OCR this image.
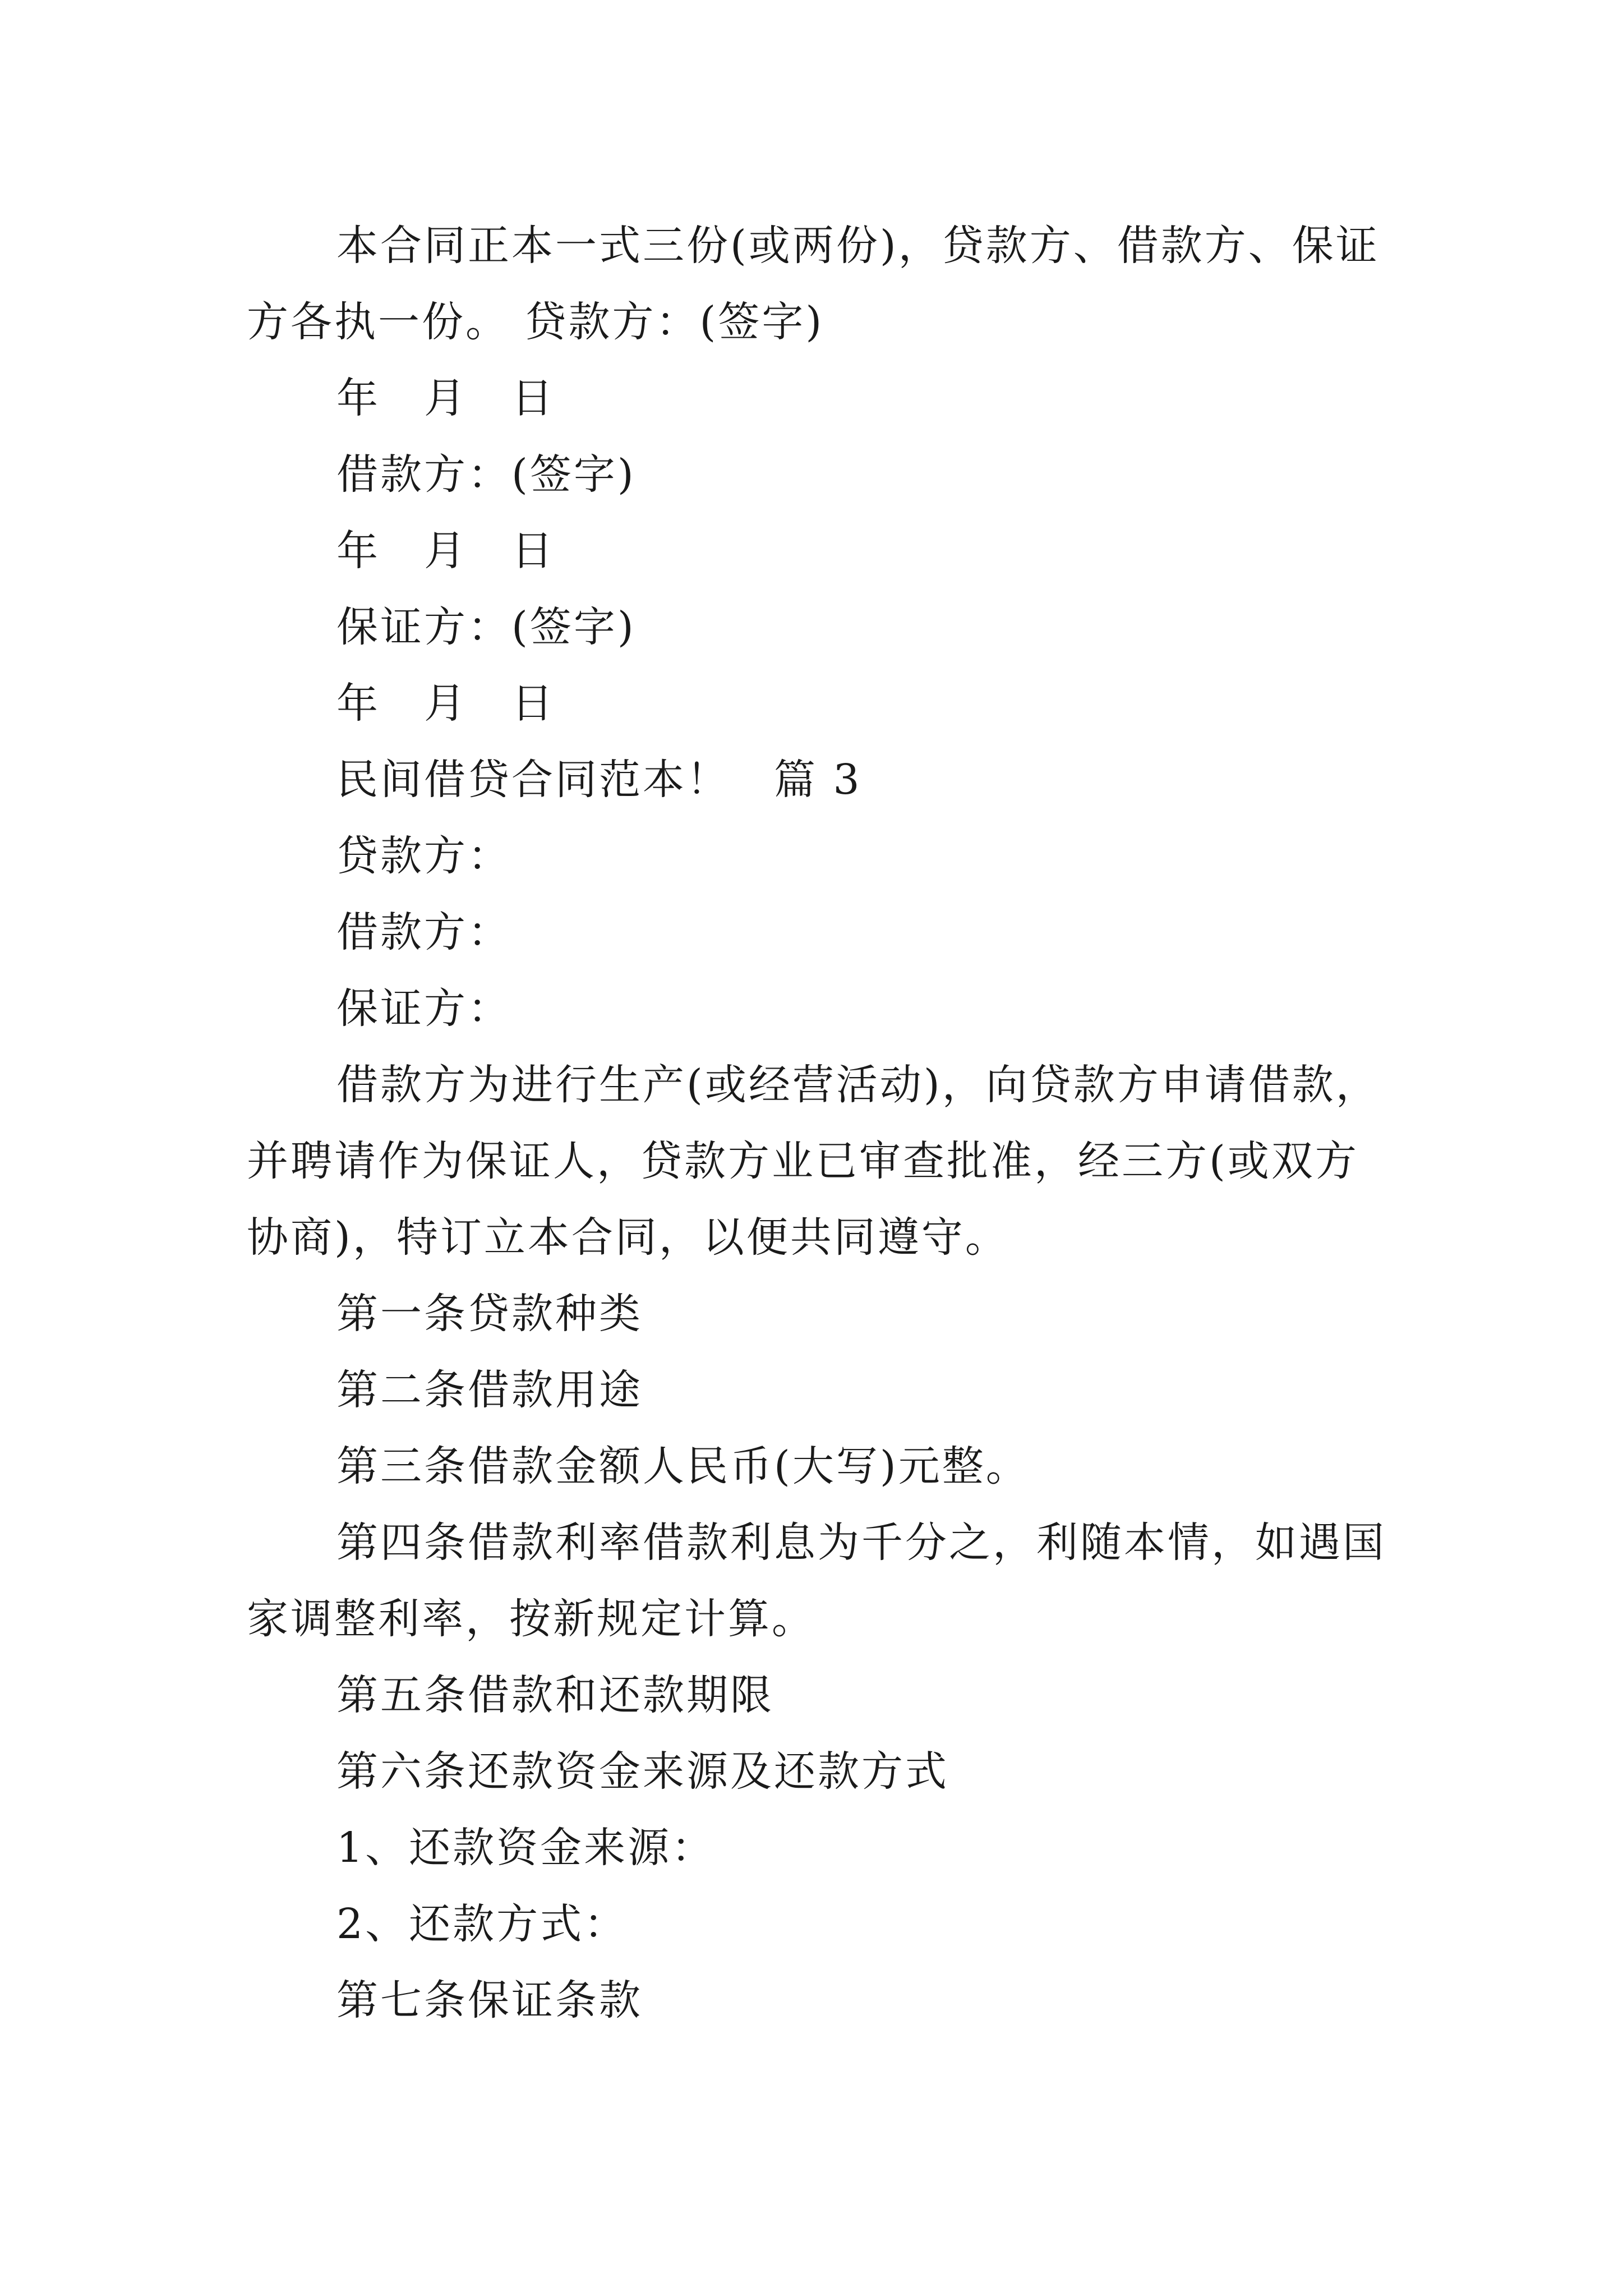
本合同正本一式三份(或两份)，贷款方、借款方、保证方各执一份。 贷款方：(签字)

年　月　日

借款方：(签字)

年　月　日

保证方：(签字)

年　月　日

民间借贷合同范本！　篇 3

贷款方：

借款方：

保证方：

借款方为进行生产(或经营活动)，向贷款方申请借款，并聘请作为保证人，贷款方业已审查批准，经三方(或双方协商)，特订立本合同，以便共同遵守。

第一条贷款种类

第二条借款用途

第三条借款金额人民币(大写)元整。

第四条借款利率借款利息为千分之，利随本情，如遇国家调整利率，按新规定计算。

第五条借款和还款期限

第六条还款资金来源及还款方式

1、还款资金来源：

2、还款方式：

第七条保证条款
